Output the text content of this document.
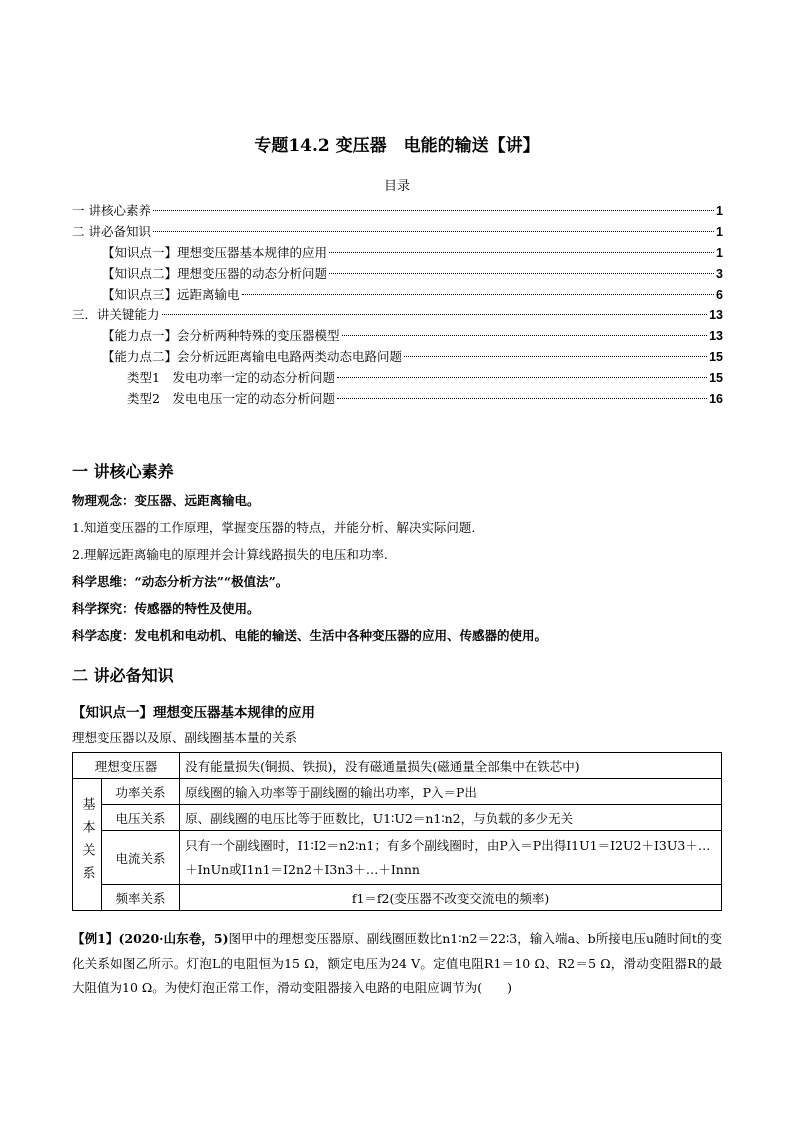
专题14.2 变压器　电能的输送【讲】
目录
一 讲核心素养	1
二 讲必备知识	1
【知识点一】理想变压器基本规律的应用	1
【知识点二】理想变压器的动态分析问题	3
【知识点三】远距离输电	6
三．讲关键能力	13
【能力点一】会分析两种特殊的变压器模型	13
【能力点二】会分析远距离输电电路两类动态电路问题	15
类型1　发电功率一定的动态分析问题	15
类型2　发电电压一定的动态分析问题	16
一 讲核心素养
物理观念：变压器、远距离输电。
1.知道变压器的工作原理，掌握变压器的特点，并能分析、解决实际问题.
2.理解远距离输电的原理并会计算线路损失的电压和功率.
科学思维：“动态分析方法”“极值法”。
科学探究：传感器的特性及使用。
科学态度：发电机和电动机、电能的输送、生活中各种变压器的应用、传感器的使用。
二 讲必备知识
【知识点一】理想变压器基本规律的应用
理想变压器以及原、副线圈基本量的关系
理想变压器		没有能量损失(铜损、铁损)，没有磁通量损失(磁通量全部集中在铁芯中)
基本关系	功率关系	原线圈的输入功率等于副线圈的输出功率，P入＝P出
	电压关系	原、副线圈的电压比等于匝数比，U1∶U2＝n1∶n2，与负载的多少无关
	电流关系	只有一个副线圈时，I1∶I2＝n2∶n1；有多个副线圈时，由P入＝P出得I1U1＝I2U2＋I3U3＋…＋InUn或I1n1＝I2n2＋I3n3＋…＋Innn
	频率关系	f1＝f2(变压器不改变交流电的频率)
【例1】(2020·山东卷，5)图甲中的理想变压器原、副线圈匝数比n1∶n2＝22∶3，输入端a、b所接电压u随时间t的变化关系如图乙所示。灯泡L的电阻恒为15 Ω，额定电压为24 V。定值电阻R1＝10 Ω、R2＝5 Ω，滑动变阻器R的最大阻值为10 Ω。为使灯泡正常工作，滑动变阻器接入电路的电阻应调节为(　　)
